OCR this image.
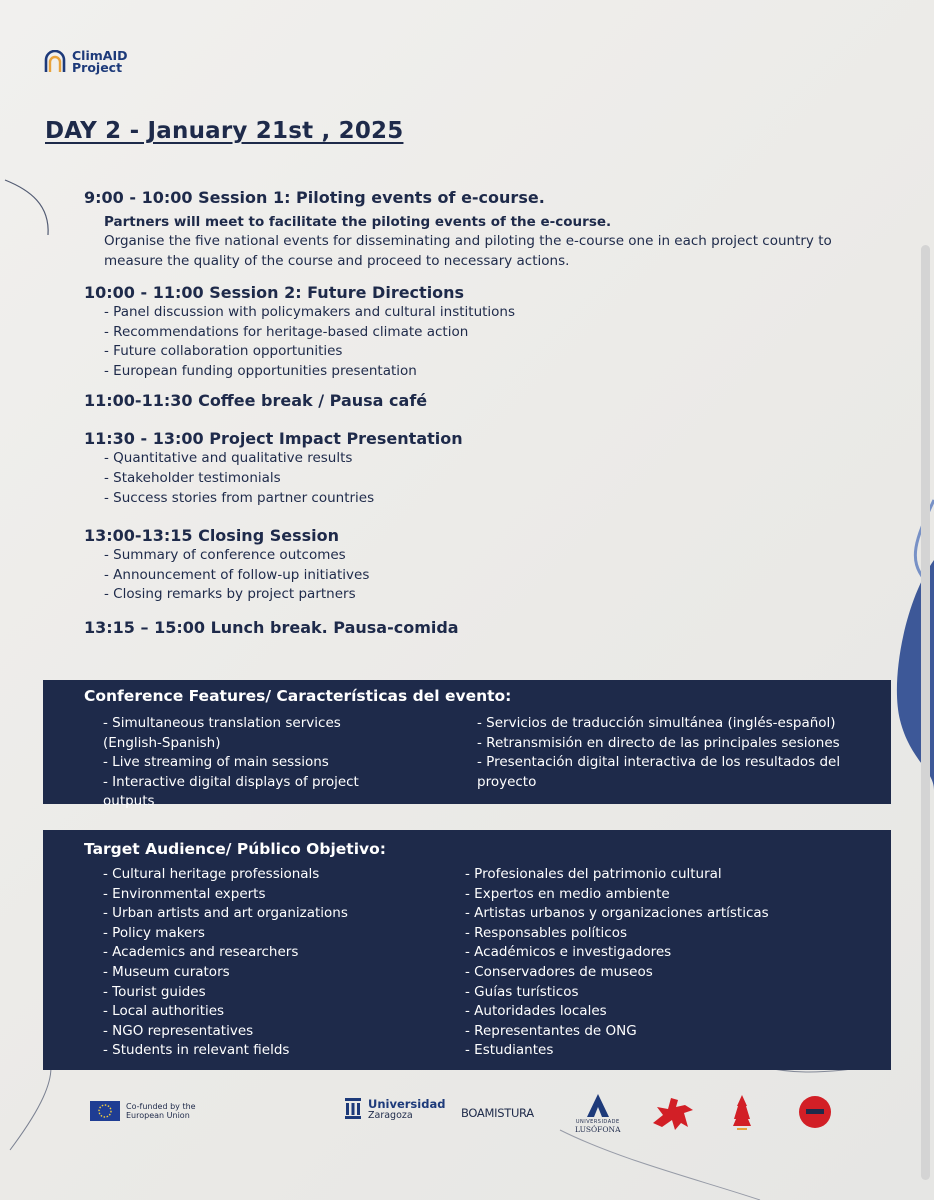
ClimAID
Project
DAY 2 - January 21st , 2025
9:00 - 10:00 Session 1: Piloting events of e-course.
Partners will meet to facilitate the piloting events of the e-course.
Organise the five national events for disseminating and piloting the e-course one in each project country to measure the quality of the course and proceed to necessary actions.
10:00 - 11:00 Session 2: Future Directions
- Panel discussion with policymakers and cultural institutions
- Recommendations for heritage-based climate action
- Future collaboration opportunities
- European funding opportunities presentation
11:00-11:30 Coffee break / Pausa café
11:30 - 13:00 Project Impact Presentation
- Quantitative and qualitative results
- Stakeholder testimonials
- Success stories from partner countries
13:00-13:15 Closing Session
- Summary of conference outcomes
- Announcement of follow-up initiatives
- Closing remarks by project partners
13:15 – 15:00 Lunch break. Pausa-comida
Conference Features/ Características del evento:
- Simultaneous translation services (English-Spanish)
- Live streaming of main sessions
- Interactive digital displays of project outputs
- Servicios de traducción simultánea (inglés-español)
- Retransmisión en directo de las principales sesiones
- Presentación digital interactiva de los resultados del proyecto
Target Audience/ Público Objetivo:
- Cultural heritage professionals
- Environmental experts
- Urban artists and art organizations
- Policy makers
- Academics and researchers
- Museum curators
- Tourist guides
- Local authorities
- NGO representatives
- Students in relevant fields
- Profesionales del patrimonio cultural
- Expertos en medio ambiente
- Artistas urbanos y organizaciones artísticas
- Responsables políticos
- Académicos e investigadores
- Conservadores de museos
- Guías turísticos
- Autoridades locales
- Representantes de ONG
- Estudiantes
Co-funded by the
European Union
Universidad
Zaragoza	BOAMISTURA
UNIVERSIDADE
LUSÓFONA
